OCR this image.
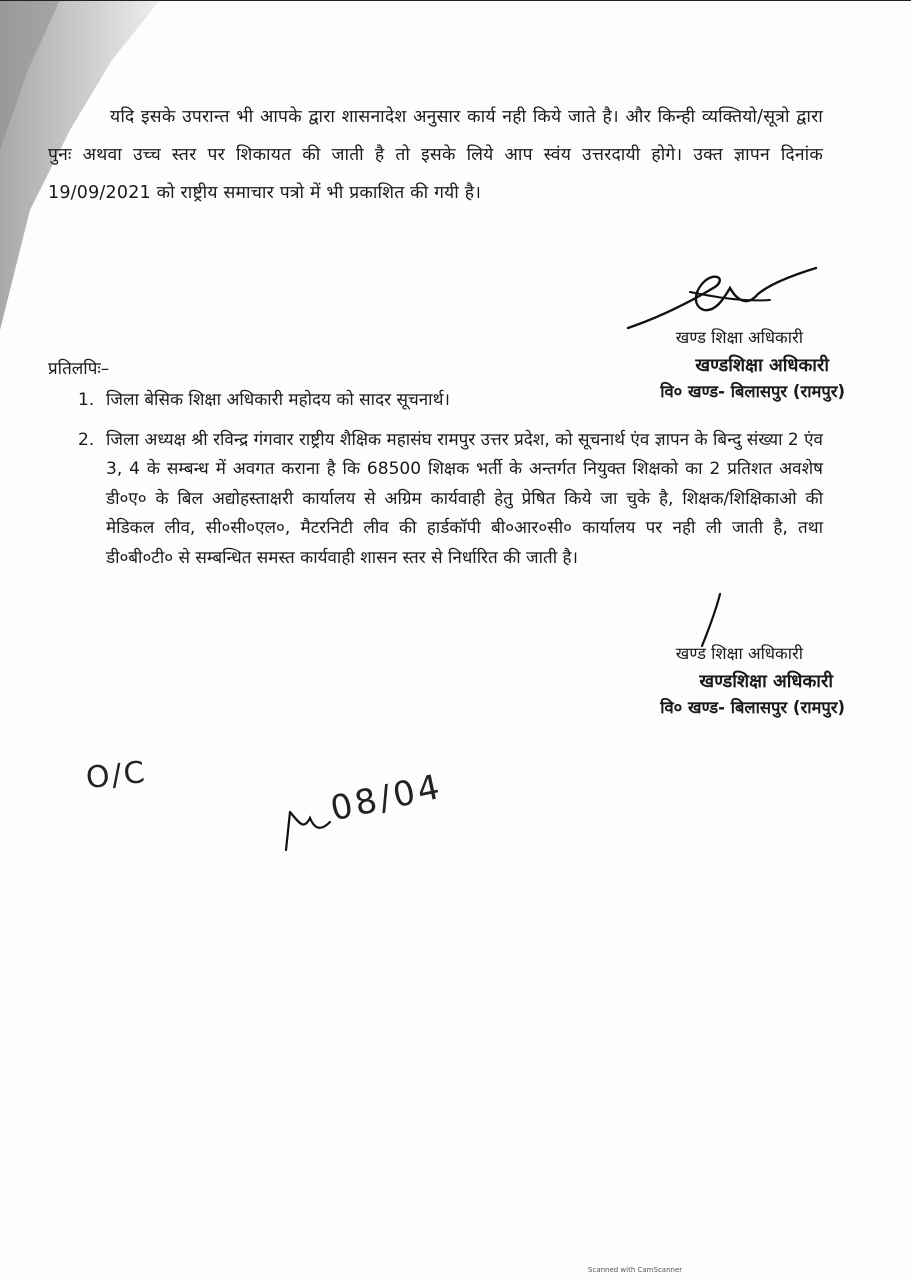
यदि इसके उपरान्त भी आपके द्वारा शासनादेश अनुसार कार्य नही किये जाते है। और किन्ही व्यक्तियो/सूत्रो द्वारा पुनः अथवा उच्च स्तर पर शिकायत की जाती है तो इसके लिये आप स्वंय उत्तरदायी होगे। उक्त ज्ञापन दिनांक 19/09/2021 को राष्ट्रीय समाचार पत्रो में भी प्रकाशित की गयी है।
खण्ड शिक्षा अधिकारी
खण्डशिक्षा अधिकारी
वि० खण्ड- बिलासपुर (रामपुर)
प्रतिलपिः–
1. जिला बेसिक शिक्षा अधिकारी महोदय को सादर सूचनार्थ।
2. जिला अध्यक्ष श्री रविन्द्र गंगवार राष्ट्रीय शैक्षिक महासंघ रामपुर उत्तर प्रदेश, को सूचनार्थ एंव ज्ञापन के बिन्दु संख्या 2 एंव 3, 4 के सम्बन्ध में अवगत कराना है कि 68500 शिक्षक भर्ती के अन्तर्गत नियुक्त शिक्षको का 2 प्रतिशत अवशेष डी०ए० के बिल अद्योहस्ताक्षरी कार्यालय से अग्रिम कार्यवाही हेतु प्रेषित किये जा चुके है, शिक्षक/शिक्षिकाओ की मेडिकल लीव, सी०सी०एल०, मैटरनिटी लीव की हार्डकॉपी बी०आर०सी० कार्यालय पर नही ली जाती है, तथा डी०बी०टी० से सम्बन्धित समस्त कार्यवाही शासन स्तर से निर्धारित की जाती है।
खण्ड शिक्षा अधिकारी
खण्डशिक्षा अधिकारी
वि० खण्ड- बिलासपुर (रामपुर)
O/C	08/04
Scanned with CamScanner
